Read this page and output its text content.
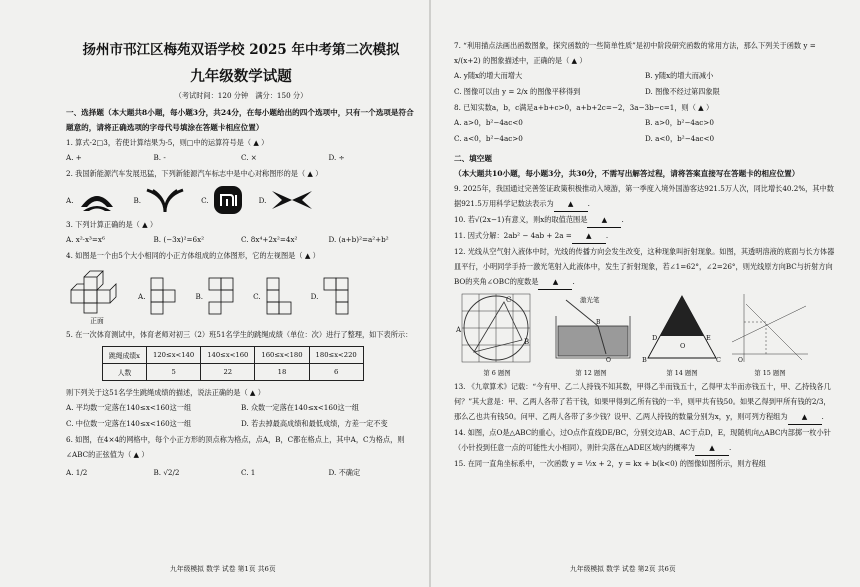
扬州市邗江区梅苑双语学校 2025 年中考第二次模拟
九年级数学试题
（考试时间：120 分钟　满分：150 分）
一、选择题（本大题共8小题，每小题3分，共24分，在每小题给出的四个选项中，只有一个选项是符合题意的，请将正确选项的字母代号填涂在答题卡相应位置）
1. 算式-2□3，若使计算结果为-5，则□中的运算符号是（ ▲ ）
A. +	B. -	C. ×	D. ÷
2. 我国新能源汽车发展迅猛，下列新能源汽车标志中是中心对称图形的是（ ▲ ）
A.	B.	C.	D.
3. 下列计算正确的是（ ▲ ）
A. x²·x³=x⁶	B. (−3x)²=6x²	C. 8x⁴+2x²=4x²	D. (a+b)²=a²+b²
4. 如图是一个由5个大小相同的小正方体组成的立体图形，它的左视图是（ ▲ ）
正面
A.	B.	C.	D.
5. 在一次体育测试中，体育老师对初三（2）班51名学生的跳绳成绩（单位：次）进行了整理，如下表所示：
跳绳成绩x	120≤x<140	140≤x<160	160≤x<180	180≤x<220
人数	5	22	18	6
则下列关于这51名学生跳绳成绩的描述，说法正确的是（ ▲ ）
A. 平均数一定落在140≤x<160这一组	B. 众数一定落在140≤x<160这一组
C. 中位数一定落在140≤x<160这一组	D. 若去掉最高成绩和最低成绩，方差一定不变
6. 如图，在4×4的网格中，每个小正方形的顶点称为格点，点A，B，C都在格点上，其中A，C为格点，则∠ABC的正弦值为（ ▲ ）
A. 1/2	B. √2/2	C. 1	D. 不确定
九年级模拟 数学 试卷 第1页 共6页
7. “利用描点法画出函数图象，探究函数的一些简单性质”是初中阶段研究函数的常用方法，那么下列关于函数 y = x/(x+2) 的图象描述中，正确的是（ ▲ ）
A. y随x的增大而增大	B. y随x的增大而减小
C. 图像可以由 y = 2/x 的图像平移得到	D. 图像不经过第四象限
8. 已知实数a，b，c满足a+b+c>0，a+b+2c=−2，3a−3b−c=1，则（ ▲ ）
A. a>0，b²−4ac<0	B. a>0，b²−4ac>0
C. a<0，b²−4ac>0	D. a<0，b²−4ac<0
二、填空题（本大题共10小题，每小题3分，共30分，不需写出解答过程，请将答案直接写在答题卡的相应位置）
9. 2025年，我国通过完善签证政策积极推动入境游，第一季度入境外国游客达921.5万人次，同比增长40.2%，其中数据921.5万用科学记数法表示为 ▲ .
10. 若√(2x−1)有意义，则x的取值范围是 ▲ .
11. 因式分解：2ab² − 4ab + 2a = ▲ .
12. 光线从空气射入液体中时，光线的传播方向会发生改变，这种现象叫折射现象。如图，其透明溶液的底面与长方体器皿平行，小明同学手持一激光笔射入此液体中，发生了折射现象，若∠1=62°，∠2=26°，则光线原方向BC与折射方向BO的夹角∠OBC的度数是 ▲ .
A
C
B
第 6 题图
激光笔
B
O
第 12 题图
D	E
O
B	C
第 14 题图
O
第 15 题图
13. 《九章算术》记载：“今有甲、乙二人持钱不知其数，甲得乙半而钱五十，乙得甲太半而亦钱五十，甲、乙持钱各几何？”其大意是：甲、乙两人各带了若干钱，如果甲得到乙所有钱的一半，则甲共有钱50。如果乙得到甲所有钱的2/3，那么乙也共有钱50。问甲、乙两人各带了多少钱？设甲、乙两人持钱的数量分别为x，y，则可列方程组为 ▲ .
14. 如图，点O是△ABC的重心，过O点作直线DE/BC，分别交边AB、AC于点D，E，现随机向△ABC内部掷一枚小针（小针投到任意一点的可能性大小相同），则针尖落在△ADE区域内的概率为 ▲ .
15. 在同一直角坐标系中，一次函数 y = ½x + 2，y = kx + b(k<0) 的图像如图所示，则方程组
九年级模拟 数学 试卷 第2页 共6页
